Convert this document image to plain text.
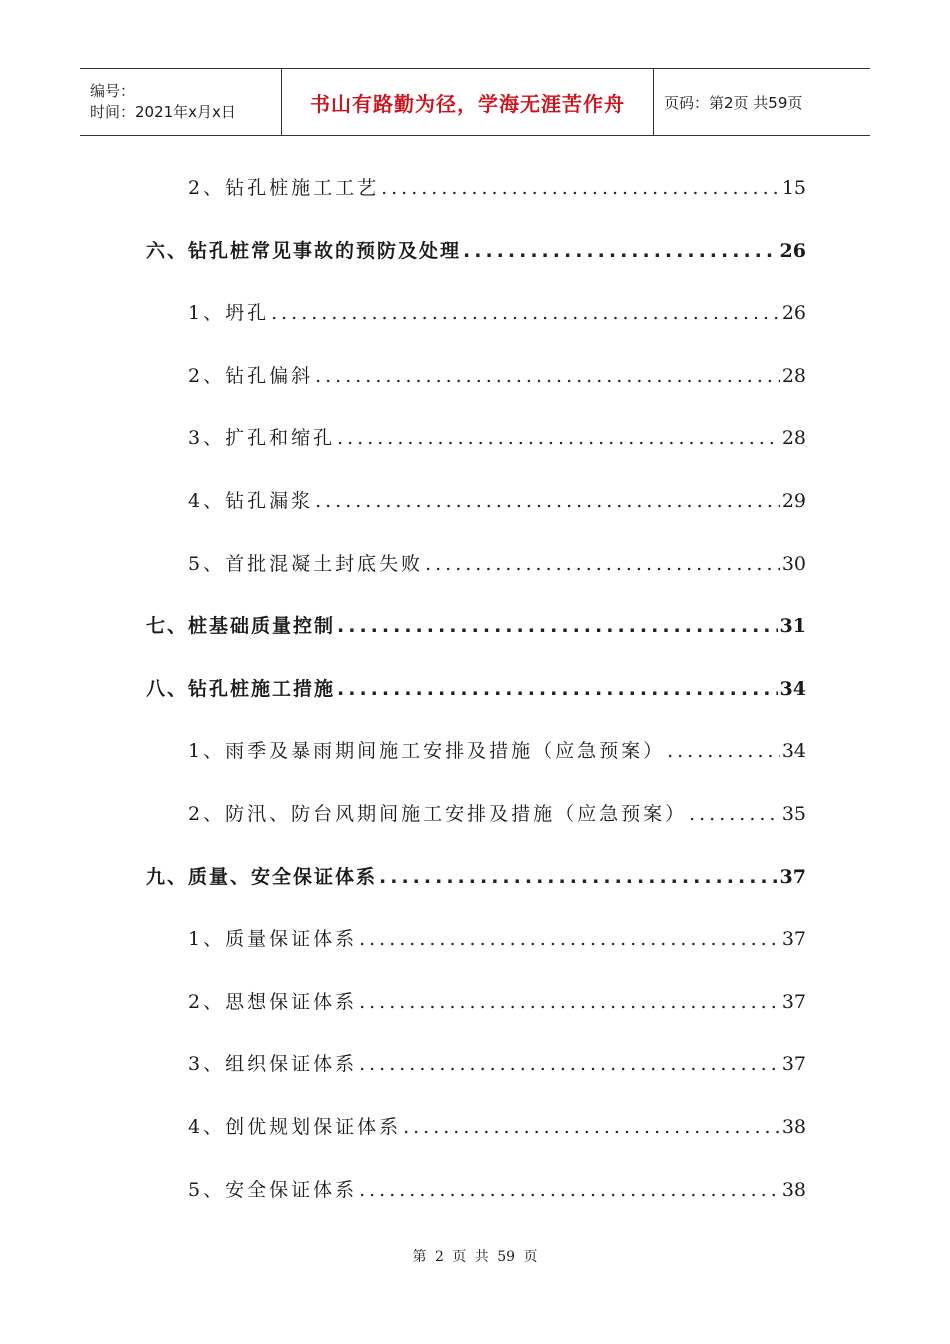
编号：
时间：2021年x月x日	书山有路勤为径，学海无涯苦作舟	页码：第2页 共59页
2、钻孔桩施工工艺 .....	15
六、钻孔桩常见事故的预防及处理 .....	26
1、坍孔 .....	26
2、钻孔偏斜 .....	28
3、扩孔和缩孔 .....	28
4、钻孔漏浆 .....	29
5、首批混凝土封底失败 .....	30
七、桩基础质量控制 .....	31
八、钻孔桩施工措施 .....	34
1、雨季及暴雨期间施工安排及措施（应急预案） .....	34
2、防汛、防台风期间施工安排及措施（应急预案） .....	35
九、质量、安全保证体系 .....	37
1、质量保证体系 .....	37
2、思想保证体系 .....	37
3、组织保证体系 .....	37
4、创优规划保证体系 .....	38
5、安全保证体系 .....	38
第 2 页 共 59 页
